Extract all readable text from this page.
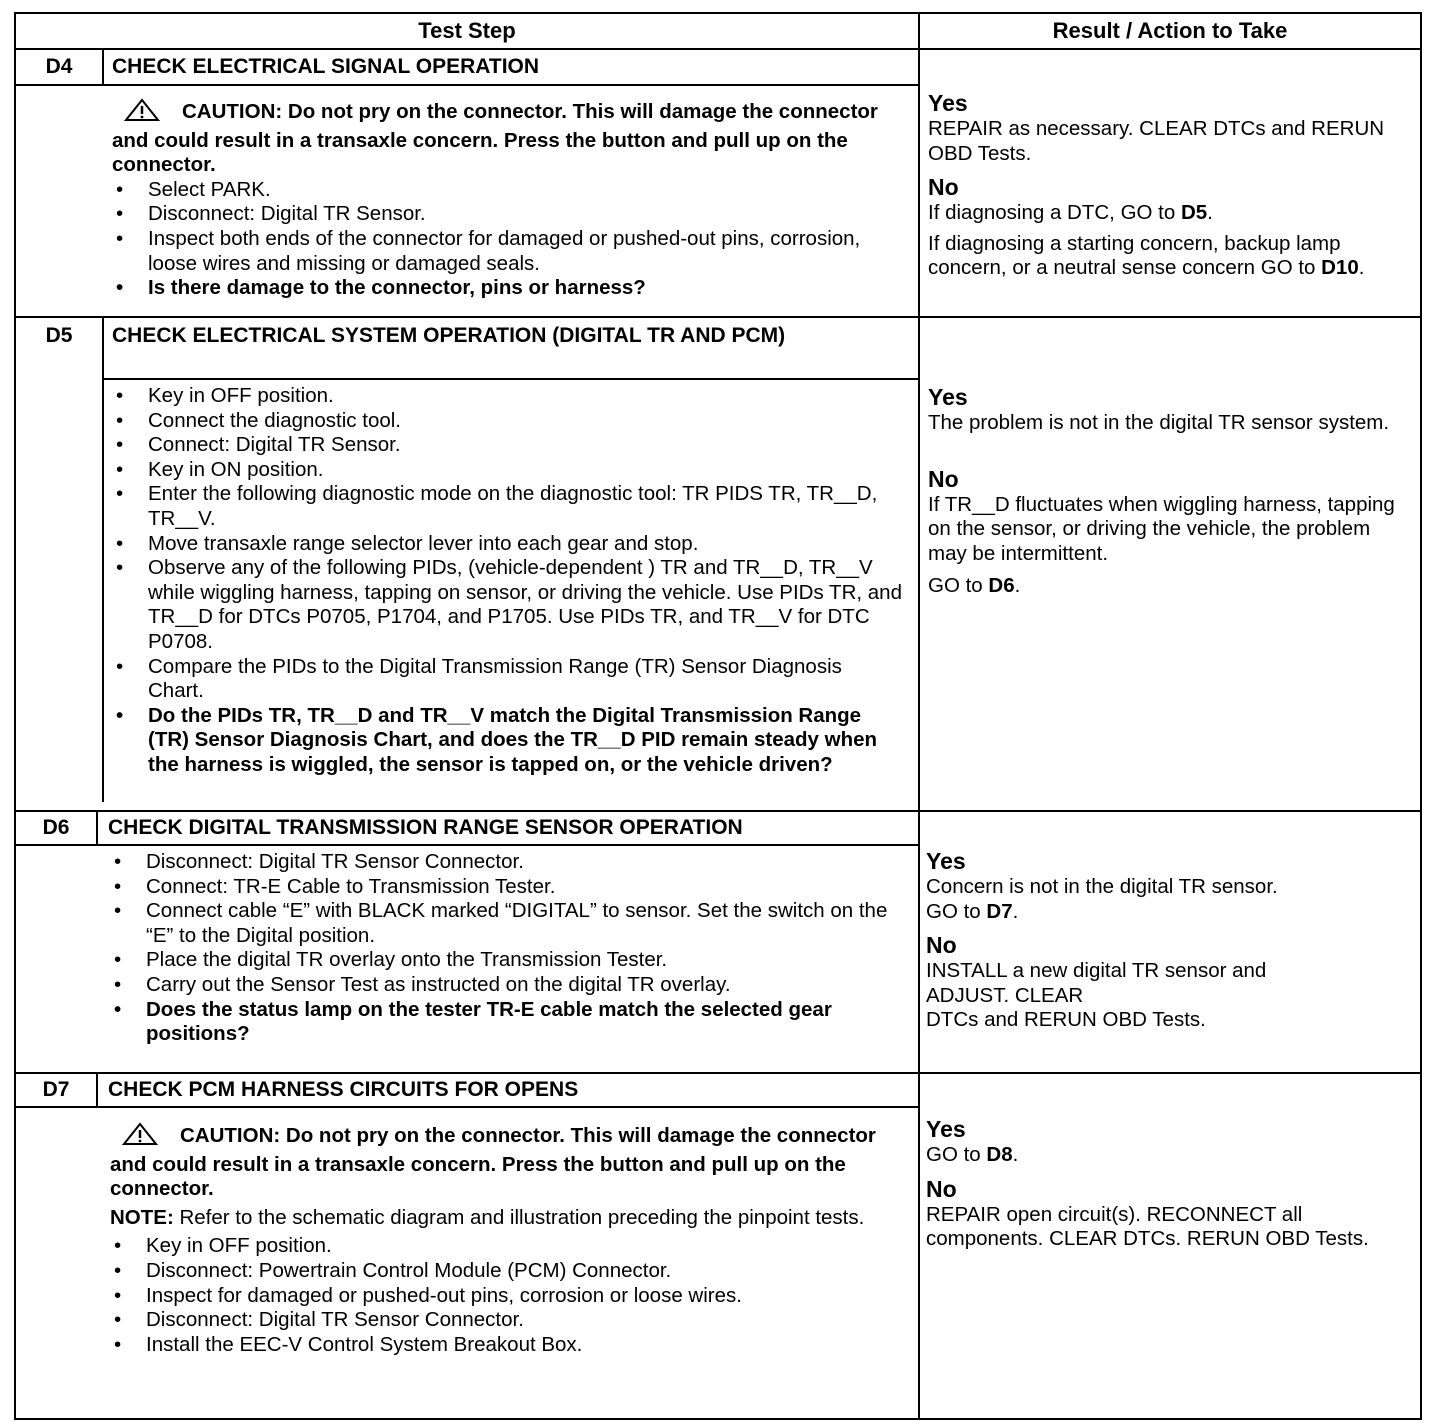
Test Step	Result / Action to Take
D4	CHECK ELECTRICAL SIGNAL OPERATION
CAUTION: Do not pry on the connector. This will damage the connector and could result in a transaxle concern. Press the button and pull up on the connector.
• Select PARK.
• Disconnect: Digital TR Sensor.
• Inspect both ends of the connector for damaged or pushed-out pins, corrosion, loose wires and missing or damaged seals.
• Is there damage to the connector, pins or harness?
Yes

REPAIR as necessary. CLEAR DTCs and RERUN OBD Tests.

No

If diagnosing a DTC, GO to D5.

If diagnosing a starting concern, backup lamp concern, or a neutral sense concern GO to D10.

D5	CHECK ELECTRICAL SYSTEM OPERATION (DIGITAL TR AND PCM)
• Key in OFF position.
• Connect the diagnostic tool.
• Connect: Digital TR Sensor.
• Key in ON position.
• Enter the following diagnostic mode on the diagnostic tool: TR PIDS TR, TR__D, TR__V.
• Move transaxle range selector lever into each gear and stop.
• Observe any of the following PIDs, (vehicle-dependent ) TR and TR__D, TR__V while wiggling harness, tapping on sensor, or driving the vehicle. Use PIDs TR, and TR__D for DTCs P0705, P1704, and P1705. Use PIDs TR, and TR__V for DTC P0708.
• Compare the PIDs to the Digital Transmission Range (TR) Sensor Diagnosis Chart.
• Do the PIDs TR, TR__D and TR__V match the Digital Transmission Range (TR) Sensor Diagnosis Chart, and does the TR__D PID remain steady when the harness is wiggled, the sensor is tapped on, or the vehicle driven?
Yes

The problem is not in the digital TR sensor system.

No

If TR__D fluctuates when wiggling harness, tapping on the sensor, or driving the vehicle, the problem may be intermittent.

GO to D6.

D6	CHECK DIGITAL TRANSMISSION RANGE SENSOR OPERATION
• Disconnect: Digital TR Sensor Connector.
• Connect: TR-E Cable to Transmission Tester.
• Connect cable “E” with BLACK marked “DIGITAL” to sensor. Set the switch on the “E” to the Digital position.
• Place the digital TR overlay onto the Transmission Tester.
• Carry out the Sensor Test as instructed on the digital TR overlay.
• Does the status lamp on the tester TR-E cable match the selected gear positions?
Yes

Concern is not in the digital TR sensor.

GO to D7.

No

INSTALL a new digital TR sensor and

ADJUST. CLEAR

DTCs and RERUN OBD Tests.

D7	CHECK PCM HARNESS CIRCUITS FOR OPENS
CAUTION: Do not pry on the connector. This will damage the connector and could result in a transaxle concern. Press the button and pull up on the connector.
NOTE: Refer to the schematic diagram and illustration preceding the pinpoint tests.
• Key in OFF position.
• Disconnect: Powertrain Control Module (PCM) Connector.
• Inspect for damaged or pushed-out pins, corrosion or loose wires.
• Disconnect: Digital TR Sensor Connector.
• Install the EEC-V Control System Breakout Box.
Yes

GO to D8.

No

REPAIR open circuit(s). RECONNECT all components. CLEAR DTCs. RERUN OBD Tests.
